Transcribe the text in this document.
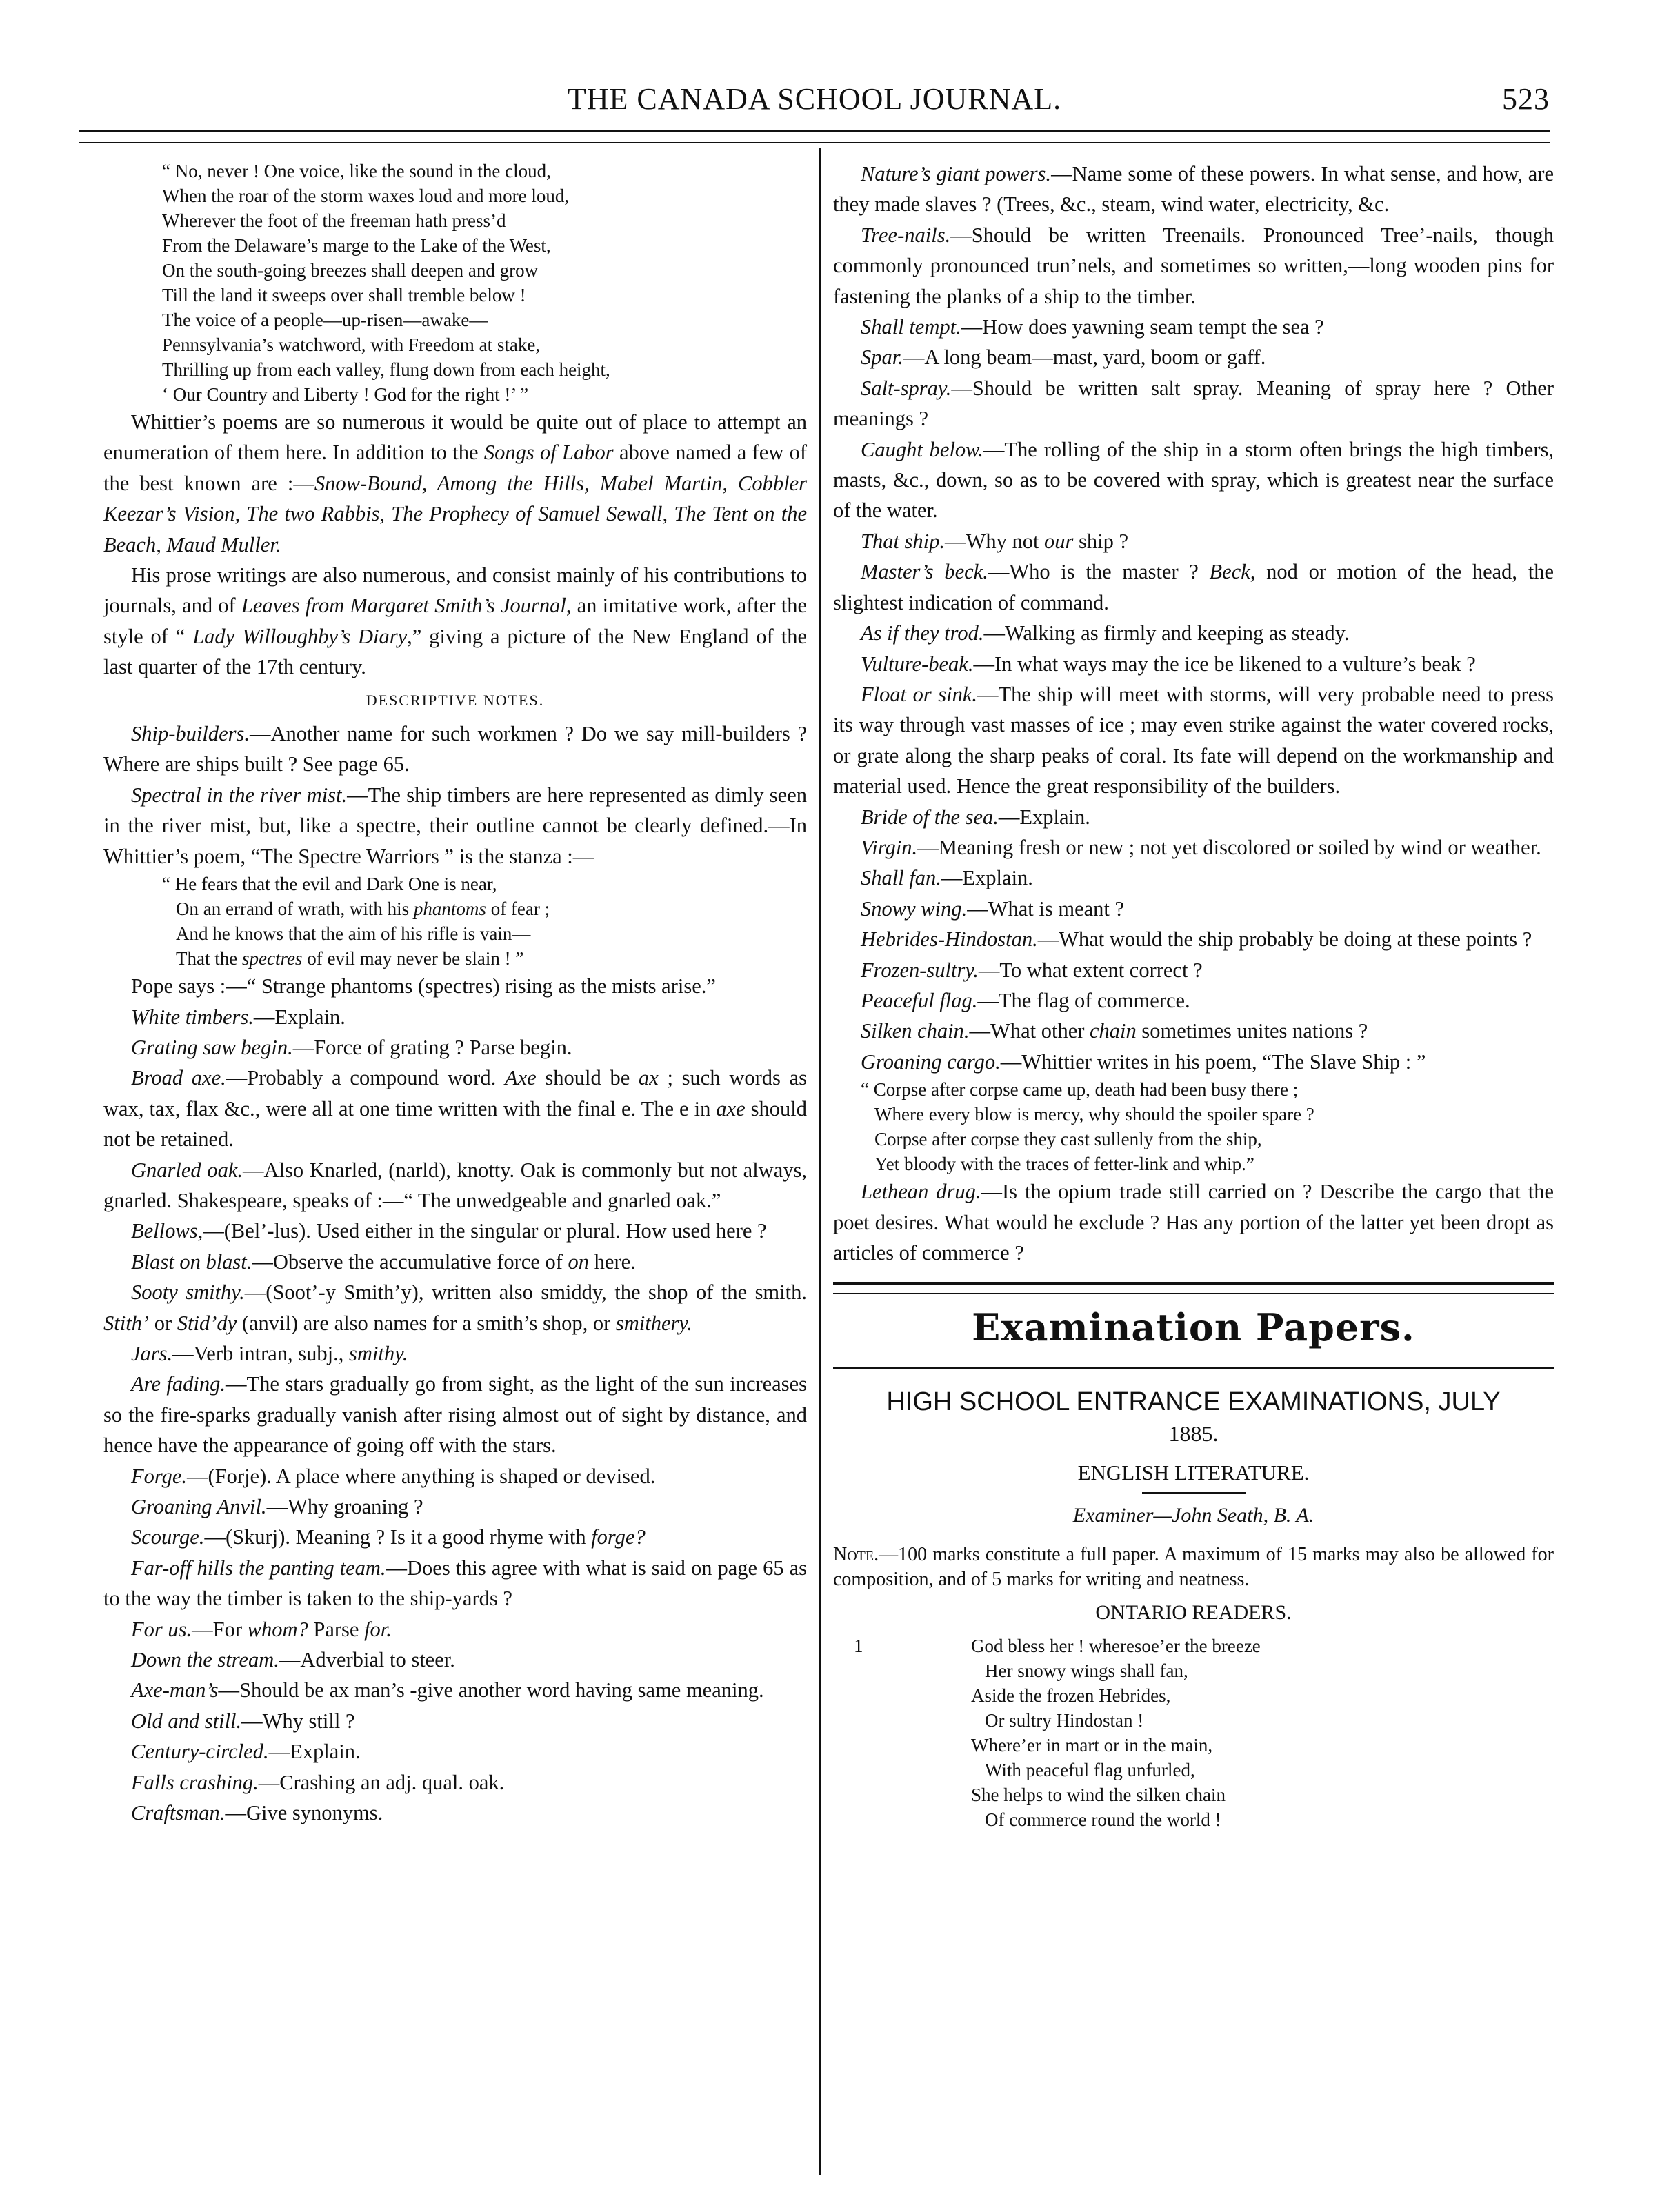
THE CANADA SCHOOL JOURNAL.	523
“ No, never ! One voice, like the sound in the cloud,
When the roar of the storm waxes loud and more loud,
Wherever the foot of the freeman hath press’d
From the Delaware’s marge to the Lake of the West,
On the south-going breezes shall deepen and grow
Till the land it sweeps over shall tremble below !
The voice of a people—up-risen—awake—
Pennsylvania’s watchword, with Freedom at stake,
Thrilling up from each valley, flung down from each height,
‘ Our Country and Liberty ! God for the right !’ ”

Whittier’s poems are so numerous it would be quite out of place to attempt an enumeration of them here. In addition to the Songs of Labor above named a few of the best known are :—Snow-Bound, Among the Hills, Mabel Martin, Cobbler Keezar’s Vision, The two Rabbis, The Prophecy of Samuel Sewall, The Tent on the Beach, Maud Muller.

His prose writings are also numerous, and consist mainly of his contributions to journals, and of Leaves from Margaret Smith’s Journal, an imitative work, after the style of “ Lady Willoughby’s Diary,” giving a picture of the New England of the last quarter of the 17th century.

DESCRIPTIVE NOTES.

Ship-builders.—Another name for such workmen ? Do we say mill-builders ? Where are ships built ? See page 65.

Spectral in the river mist.—The ship timbers are here represented as dimly seen in the river mist, but, like a spectre, their outline cannot be clearly defined.—In Whittier’s poem, “The Spectre Warriors ” is the stanza :—

“ He fears that the evil and Dark One is near,
On an errand of wrath, with his phantoms of fear ;
And he knows that the aim of his rifle is vain—
That the spectres of evil may never be slain ! ”

Pope says :—“ Strange phantoms (spectres) rising as the mists arise.”

White timbers.—Explain.

Grating saw begin.—Force of grating ? Parse begin.

Broad axe.—Probably a compound word. Axe should be ax ; such words as wax, tax, flax &c., were all at one time written with the final e. The e in axe should not be retained.

Gnarled oak.—Also Knarled, (narld), knotty. Oak is commonly but not always, gnarled. Shakespeare, speaks of :—“ The unwedgeable and gnarled oak.”

Bellows,—(Bel’-lus). Used either in the singular or plural. How used here ?

Blast on blast.—Observe the accumulative force of on here.

Sooty smithy.—(Soot’-y Smith’y), written also smiddy, the shop of the smith. Stith’ or Stid’dy (anvil) are also names for a smith’s shop, or smithery.

Jars.—Verb intran, subj., smithy.

Are fading.—The stars gradually go from sight, as the light of the sun increases so the fire-sparks gradually vanish after rising almost out of sight by distance, and hence have the appearance of going off with the stars.

Forge.—(Forje). A place where anything is shaped or devised.

Groaning Anvil.—Why groaning ?

Scourge.—(Skurj). Meaning ? Is it a good rhyme with forge?

Far-off hills the panting team.—Does this agree with what is said on page 65 as to the way the timber is taken to the ship-yards ?

For us.—For whom? Parse for.

Down the stream.—Adverbial to steer.

Axe-man’s—Should be ax man’s -give another word having same meaning.

Old and still.—Why still ?

Century-circled.—Explain.

Falls crashing.—Crashing an adj. qual. oak.

Craftsman.—Give synonyms.

Nature’s giant powers.—Name some of these powers. In what sense, and how, are they made slaves ? (Trees, &c., steam, wind water, electricity, &c.

Tree-nails.—Should be written Treenails. Pronounced Tree’-nails, though commonly pronounced trun’nels, and sometimes so written,—long wooden pins for fastening the planks of a ship to the timber.

Shall tempt.—How does yawning seam tempt the sea ?

Spar.—A long beam—mast, yard, boom or gaff.

Salt-spray.—Should be written salt spray. Meaning of spray here ? Other meanings ?

Caught below.—The rolling of the ship in a storm often brings the high timbers, masts, &c., down, so as to be covered with spray, which is greatest near the surface of the water.

That ship.—Why not our ship ?

Master’s beck.—Who is the master ? Beck, nod or motion of the head, the slightest indication of command.

As if they trod.—Walking as firmly and keeping as steady.

Vulture-beak.—In what ways may the ice be likened to a vulture’s beak ?

Float or sink.—The ship will meet with storms, will very probable need to press its way through vast masses of ice ; may even strike against the water covered rocks, or grate along the sharp peaks of coral. Its fate will depend on the workmanship and material used. Hence the great responsibility of the builders.

Bride of the sea.—Explain.

Virgin.—Meaning fresh or new ; not yet discolored or soiled by wind or weather.

Shall fan.—Explain.

Snowy wing.—What is meant ?

Hebrides-Hindostan.—What would the ship probably be doing at these points ?

Frozen-sultry.—To what extent correct ?

Peaceful flag.—The flag of commerce.

Silken chain.—What other chain sometimes unites nations ?

Groaning cargo.—Whittier writes in his poem, “The Slave Ship : ”

“ Corpse after corpse came up, death had been busy there ;
Where every blow is mercy, why should the spoiler spare ?
Corpse after corpse they cast sullenly from the ship,
Yet bloody with the traces of fetter-link and whip.”

Lethean drug.—Is the opium trade still carried on ? Describe the cargo that the poet desires. What would he exclude ? Has any portion of the latter yet been dropt as articles of commerce ?

Examination Papers.
HIGH SCHOOL ENTRANCE EXAMINATIONS, JULY
1885.
ENGLISH LITERATURE.
Examiner—John Seath, B. A.
Note.—100 marks constitute a full paper. A maximum of 15 marks may also be allowed for composition, and of 5 marks for writing and neatness.
ONTARIO READERS.
1	God bless her ! wheresoe’er the breeze
Her snowy wings shall fan,
Aside the frozen Hebrides,
Or sultry Hindostan !
Where’er in mart or in the main,
With peaceful flag unfurled,
She helps to wind the silken chain
Of commerce round the world !
